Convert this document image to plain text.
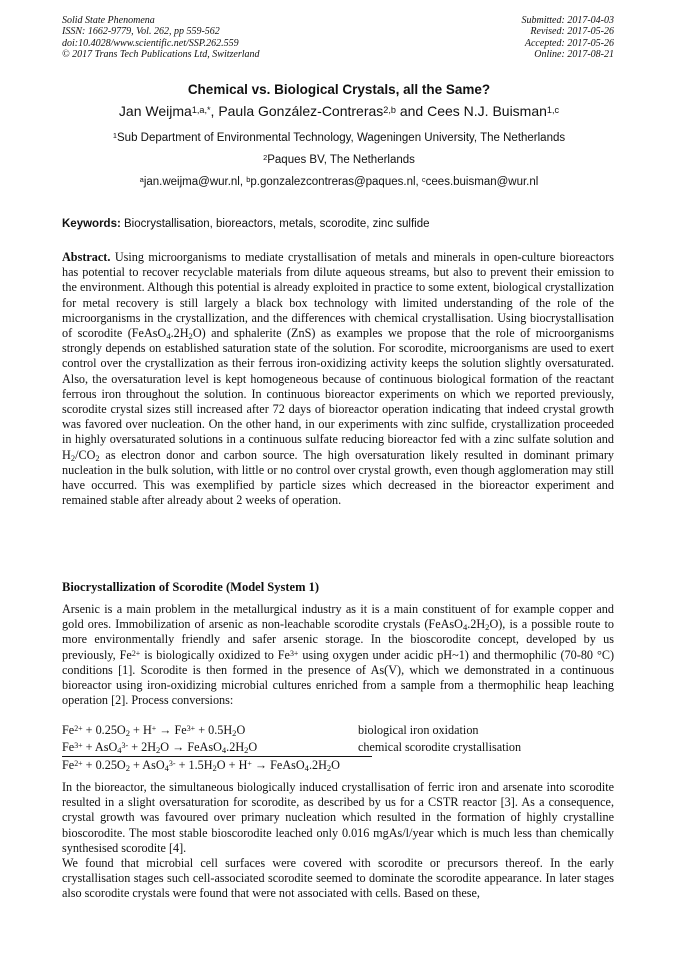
Solid State Phenomena
ISSN: 1662-9779, Vol. 262, pp 559-562
doi:10.4028/www.scientific.net/SSP.262.559
© 2017 Trans Tech Publications Ltd, Switzerland
Submitted: 2017-04-03
Revised: 2017-05-26
Accepted: 2017-05-26
Online: 2017-08-21
Chemical vs. Biological Crystals, all the Same?
Jan Weijma$^{1,a,*}$, Paula González-Contreras$^{2,b}$ and Cees N.J. Buisman$^{1,c}$
$^1$Sub Department of Environmental Technology, Wageningen University, The Netherlands
$^2$Paques BV, The Netherlands
$^a$jan.weijma@wur.nl, $^b$p.gonzalezcontreras@paques.nl, $^c$cees.buisman@wur.nl
Keywords: Biocrystallisation, bioreactors, metals, scorodite, zinc sulfide
Abstract. Using microorganisms to mediate crystallisation of metals and minerals in open-culture bioreactors has potential to recover recyclable materials from dilute aqueous streams, but also to prevent their emission to the environment. Although this potential is already exploited in practice to some extent, biological crystallization for metal recovery is still largely a black box technology with limited understanding of the role of the microorganisms in the crystallization, and the differences with chemical crystallisation. Using biocrystallisation of scorodite $(FeAsO_4.2H_2O)$ and sphalerite (ZnS) as examples we propose that the role of microorganisms strongly depends on established saturation state of the solution. For scorodite, microorganisms are used to exert control over the crystallization as their ferrous iron-oxidizing activity keeps the solution slightly oversaturated. Also, the oversaturation level is kept homogeneous because of continuous biological formation of the reactant ferrous iron throughout the solution. In continuous bioreactor experiments on which we reported previously, scorodite crystal sizes still increased after 72 days of bioreactor operation indicating that indeed crystal growth was favored over nucleation. On the other hand, in our experiments with zinc sulfide, crystallization proceeded in highly oversaturated solutions in a continuous sulfate reducing bioreactor fed with a zinc sulfate solution and $H_2/CO_2$ as electron donor and carbon source. The high oversaturation likely resulted in dominant primary nucleation in the bulk solution, with little or no control over crystal growth, even though agglomeration may still have occurred. This was exemplified by particle sizes which decreased in the bioreactor experiment and remained stable after already about 2 weeks of operation.
Biocrystallization of Scorodite (Model System 1)
Arsenic is a main problem in the metallurgical industry as it is a main constituent of for example copper and gold ores. Immobilization of arsenic as non-leachable scorodite crystals $(FeAsO_4.2H_2O)$, is a possible route to more environmentally friendly and safer arsenic storage. In the bioscorodite concept, developed by us previously, $Fe^{2+}$ is biologically oxidized to $Fe^{3+}$ using oxygen under acidic pH~1) and thermophilic (70-80 °C) conditions [1]. Scorodite is then formed in the presence of As(V), which we demonstrated in a continuous bioreactor using iron-oxidizing microbial cultures enriched from a sample from a thermophilic heap leaching operation [2]. Process conversions:
$Fe^{2+} + 0.25O_2 + H^+ \to Fe^{3+} + 0.5H_2O$	biological iron oxidation
$Fe^{3+} + AsO_4^{3-} + 2H_2O$ → $FeAsO_4.2H_2O$	chemical scorodite crystallisation
$Fe^{2+} + 0.25O_2 + AsO_4^{3-} + 1.5H_2O + H^+$ → $FeAsO_4.2H_2O$
In the bioreactor, the simultaneous biologically induced crystallisation of ferric iron and arsenate into scorodite resulted in a slight oversaturation for scorodite, as described by us for a CSTR reactor [3]. As a consequence, crystal growth was favoured over primary nucleation which resulted in the formation of highly crystalline bioscorodite. The most stable bioscorodite leached only 0.016 mgAs/l/year which is much less than chemically synthesised scorodite [4].
We found that microbial cell surfaces were covered with scorodite or precursors thereof. In the early crystallisation stages such cell-associated scorodite seemed to dominate the scorodite appearance. In later stages also scorodite crystals were found that were not associated with cells. Based on these,
